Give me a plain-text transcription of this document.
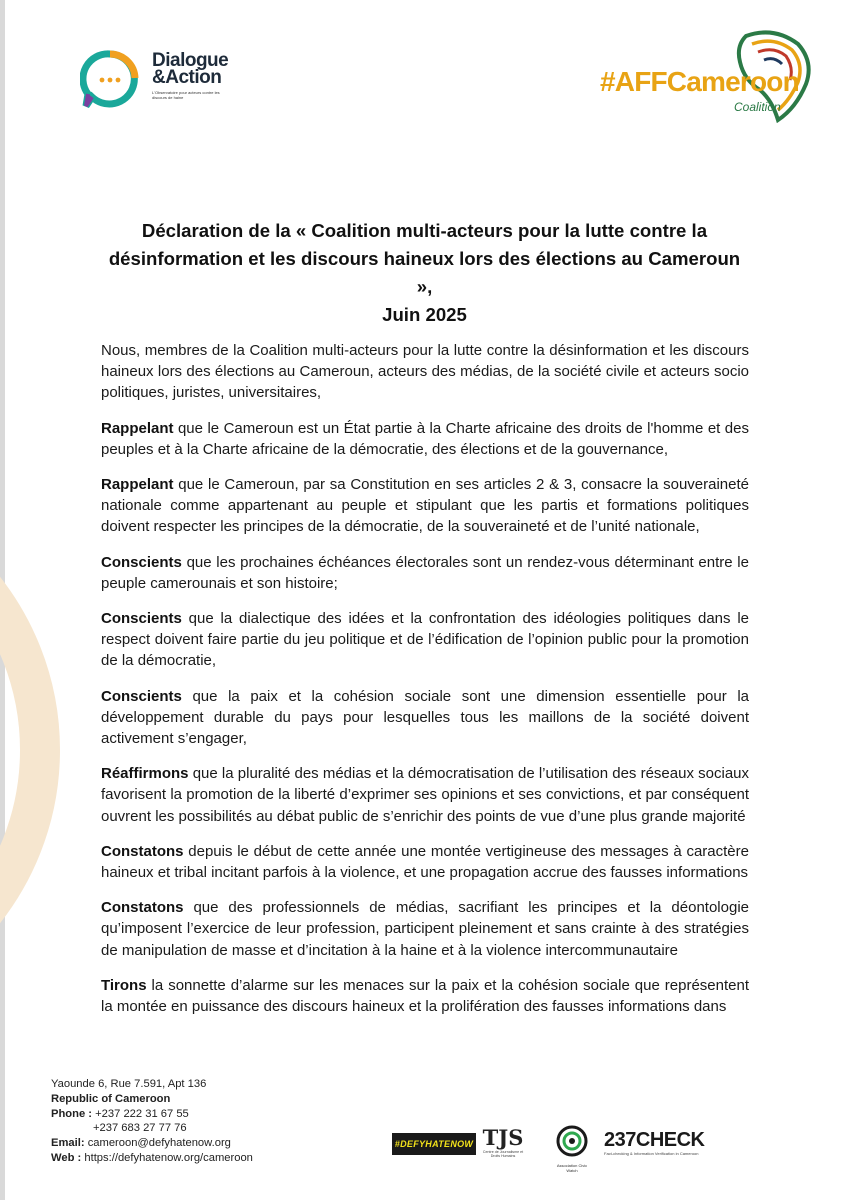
Dialogue
&Action
L'Observatoire pour acteurs contre les discours de haine
#AFFCameroon
Coalition
Déclaration de la « Coalition multi-acteurs pour la lutte contre la
désinformation et les discours haineux lors des élections au Cameroun »,
Juin 2025

Nous, membres de la Coalition multi-acteurs pour la lutte contre la désinformation et les discours haineux lors des élections au Cameroun, acteurs des médias, de la société civile et acteurs socio politiques, juristes, universitaires,

Rappelant que le Cameroun est un État partie à la Charte africaine des droits de l'homme et des peuples et à la Charte africaine de la démocratie, des élections et de la gouvernance,

Rappelant que le Cameroun, par sa Constitution en ses articles 2 & 3, consacre la souveraineté nationale comme appartenant au peuple et stipulant que les partis et formations politiques doivent respecter les principes de la démocratie, de la souveraineté et de l’unité nationale,

Conscients que les prochaines échéances électorales sont un rendez-vous déterminant entre le peuple camerounais et son histoire;

Conscients que la dialectique des idées et la confrontation des idéologies politiques dans le respect doivent faire partie du jeu politique et de l’édification de l’opinion public pour la promotion de la démocratie,

Conscients que la paix et la cohésion sociale sont une dimension essentielle pour la développement durable du pays pour lesquelles tous les maillons de la société doivent activement s’engager,

Réaffirmons que la pluralité des médias et la démocratisation de l’utilisation des réseaux sociaux favorisent la promotion de la liberté d’exprimer ses opinions et ses convictions, et par conséquent ouvrent les possibilités au débat public de s’enrichir des points de vue d’une plus grande majorité

Constatons depuis le début de cette année une montée vertigineuse des messages à caractère haineux et tribal incitant parfois à la violence, et une propagation accrue des fausses informations

Constatons que des professionnels de médias, sacrifiant les principes et la déontologie qu’imposent l’exercice de leur profession, participent pleinement et sans crainte à des stratégies de manipulation de masse et d’incitation à la haine et à la violence intercommunautaire

Tirons la sonnette d’alarme sur les menaces sur la paix et la cohésion sociale que représentent la montée en puissance des discours haineux et la prolifération des fausses informations dans

Yaounde 6, Rue 7.591, Apt 136
Republic of Cameroon
Phone : +237 222 31 67 55
+237 683 27 77 76
Email: cameroon@defyhatenow.org
Web : https://defyhatenow.org/cameroon
#DEFYHATENOW TJS
Centre de Journalisme et Droits Humains
Association Civic Watch
237CHECK
Fact-checking & Information Verification in Cameroon
